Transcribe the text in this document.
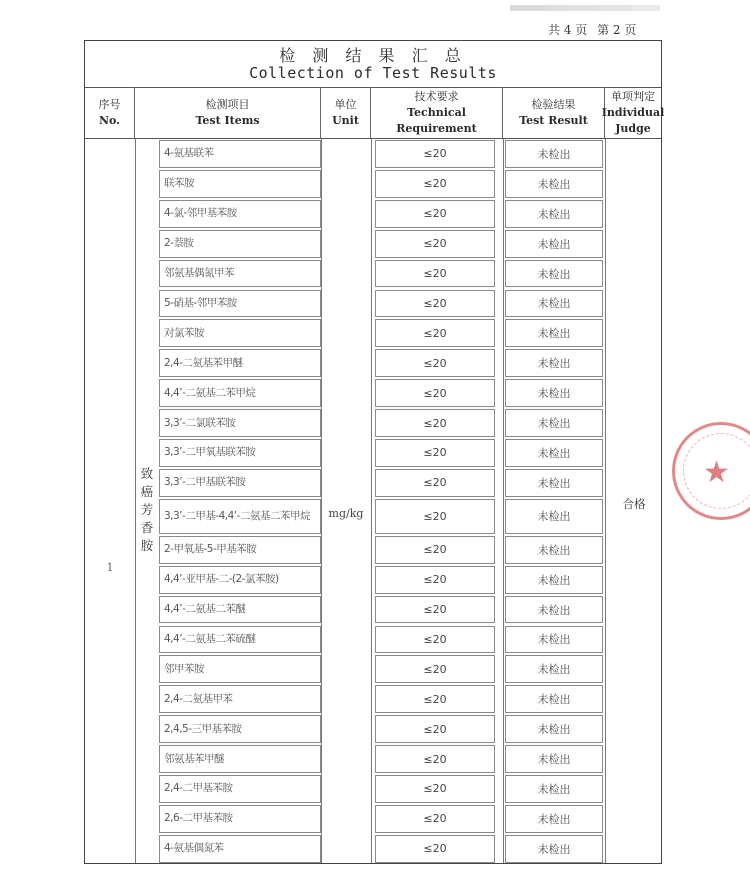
共 4 页 第 2 页
检 测 结 果 汇 总
Collection of Test Results
序号
No.
检测项目
Test Items
单位
Unit
技术要求
Technical
Requirement
检验结果
Test Result
单项判定
Individual
Judge
1
致
癌
芳
香
胺
mg/kg
合格
4-氨基联苯	≤20	未检出
联苯胺	≤20	未检出
4-氯-邻甲基苯胺	≤20	未检出
2-萘胺	≤20	未检出
邻氨基偶氮甲苯	≤20	未检出
5-硝基-邻甲苯胺	≤20	未检出
对氯苯胺	≤20	未检出
2,4-二氨基苯甲醚	≤20	未检出
4,4’-二氨基二苯甲烷	≤20	未检出
3,3’-二氯联苯胺	≤20	未检出
3,3’-二甲氧基联苯胺	≤20	未检出
3,3’-二甲基联苯胺	≤20	未检出
3,3’-二甲基-4,4’-二氨基二苯甲烷	≤20	未检出
2-甲氧基-5-甲基苯胺	≤20	未检出
4,4’-亚甲基-二-(2-氯苯胺)	≤20	未检出
4,4’-二氨基二苯醚	≤20	未检出
4,4’-二氨基二苯硫醚	≤20	未检出
邻甲苯胺	≤20	未检出
2,4-二氨基甲苯	≤20	未检出
2,4,5-三甲基苯胺	≤20	未检出
邻氨基苯甲醚	≤20	未检出
2,4-二甲基苯胺	≤20	未检出
2,6-二甲基苯胺	≤20	未检出
4-氨基偶氮苯	≤20	未检出
★
